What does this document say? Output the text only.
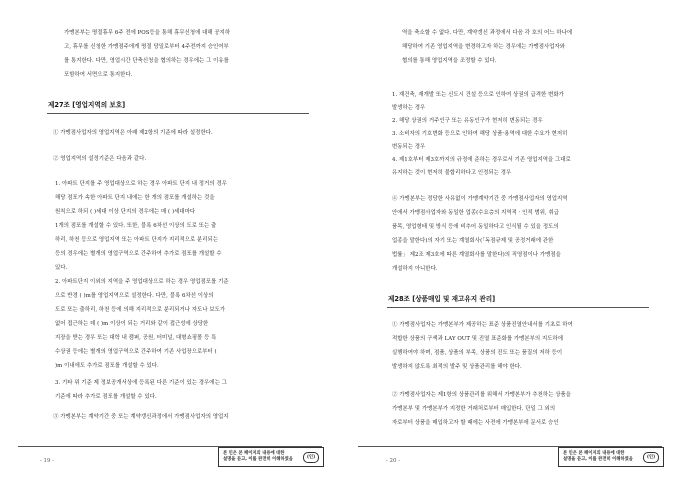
가맹본부는 명절휴무 6주 전에 POS등을 통해 휴무신청에 대해 공지하
고, 휴무를 신청한 가맹점주에게 명절 당일로부터 4주전까지 승인여부
를 통지한다. 다만, 영업시간 단축신청을 협의하는 경우에는 그 이유를
포함하여 서면으로 통지한다.
제27조 [영업지역의 보호]
① 가맹점사업자의 영업지역은 아래 제2항의 기준에 따라 설정한다.
② 영업지역의 설정기준은 다음과 같다.
1. 아파트 단지를 주 영업대상으로 하는 경우 아파트 단지 내 정거의 경우
해당 점포가 속한 아파트 단지 내에는 한 개의 점포를 개설하는 것을
원칙으로 하되 ( )세대 이상 단지의 경우에는 매 ( )세대마다
1개의 점포를 개설할 수 있다. 또한, 블록 6차선 이상의 도로 또는 출
하리, 하천 등으로 영업지역 또는 아파트 단지가 지리적으로 분리되는
등의 경우에는 별개의 영업구역으로 간주하여 추가로 점포를 개설할 수
있다.
2. 아파트단지 이외의 지역을 주 영업대상으로 하는 경우 영업점포를 기준
으로 반경 ( )m를 영업지역으로 설정한다. 다만, 블록 6차선 이상의
도로 또는 출하리, 하천 등에 의해 지리적으로 분리되거나 자도나 보도가
없어 접근하는 데 ( )m 이상이 되는 거리와 같이 접근성에 상당한
지장을 받는 경우 또는 대학 내 캠퍼, 공원, 터미널, 대형쇼핑몰 등 특
수상권 등에는 별개의 영업구역으로 간주하여 기존 사업장으로부터 (
)m 이내에도 추가로 점포를 개설할 수 있다.
3. 기타 위 기준 제 정보공개서상에 등록된 다른 기준이 있는 경우에는 그
기준에 따라 추가로 점포를 개설할 수 있다.
③ 가맹본부는 계약기간 중 또는 계약갱신과정에서 가맹점사업자의 영업지
본 인은 본 페이지의 내용에 대한
설명을 듣고, 이를 완전히 이해하였음	(인)
- 19 -
역을 축소할 수 없다. 다만, 계약갱신 과정에서 다음 각 호의 어느 하나에
해당하여 기존 영업지역을 변경하고자 하는 경우에는 가맹점사업자와
협의를 통해 영업지역을 조정할 수 있다.
1. 재건축, 재개발 또는 신도시 건설 등으로 인하여 상권의 급격한 변화가
발생하는 경우
2. 해당 상권의 거주인구 또는 유동인구가 현저히 변동되는 경우
3. 소비자의 기호변화 등으로 인하여 해당 상품·용역에 대한 수요가 현저히
변동되는 경우
4. 제1호부터 제3호까지의 규정에 준하는 경우로서 기존 영업지역을 그대로
유지하는 것이 현저히 불합리하다고 인정되는 경우
④ 가맹본부는 정당한 사유없이 가맹계약기간 중 가맹점사업자의 영업지역
안에서 가맹점사업자와 동일한 업종(수요층의 지역적 · 인적 범위, 취급
품목, 영업형태 및 방식 등에 비추어 동일하다고 인식될 수 있을 정도의
업종을 말한다)의 자기 또는 계열회사(「독점규제 및 공정거래에 관한
법률」 제2조 제3호에 따른 계열회사를 말한다)의 직영점이나 가맹점을
개설하지 아니한다.
제28조 [상품매입 및 재고유지 관리]
① 가맹점사업자는 가맹본부가 제공하는 표준 상품진열안내서를 기초로 하여
적합한 상품의 구색과 LAY OUT 및 진열 표준화를 가맹본부의 지도하에
실행하여야 하며, 점품, 상품의 부족, 상품의 진도 또는 품질의 저하 등이
발생하지 않도록 최적의 발주 및 상품관리를 해야 한다.
② 가맹점사업자는 제1항의 상품관리를 위해서 가맹본부가 추천하는 상품을
가맹본부 및 가맹본부가 지정한 거래처로부터 매입한다. 단일 그 외의
자로부터 상품을 매입하고자 할 때에는 사전에 가맹본부에 문서로 승인
본 인은 본 페이지의 내용에 대한
설명을 듣고, 이를 완전히 이해하였음	(인)
- 20 -
